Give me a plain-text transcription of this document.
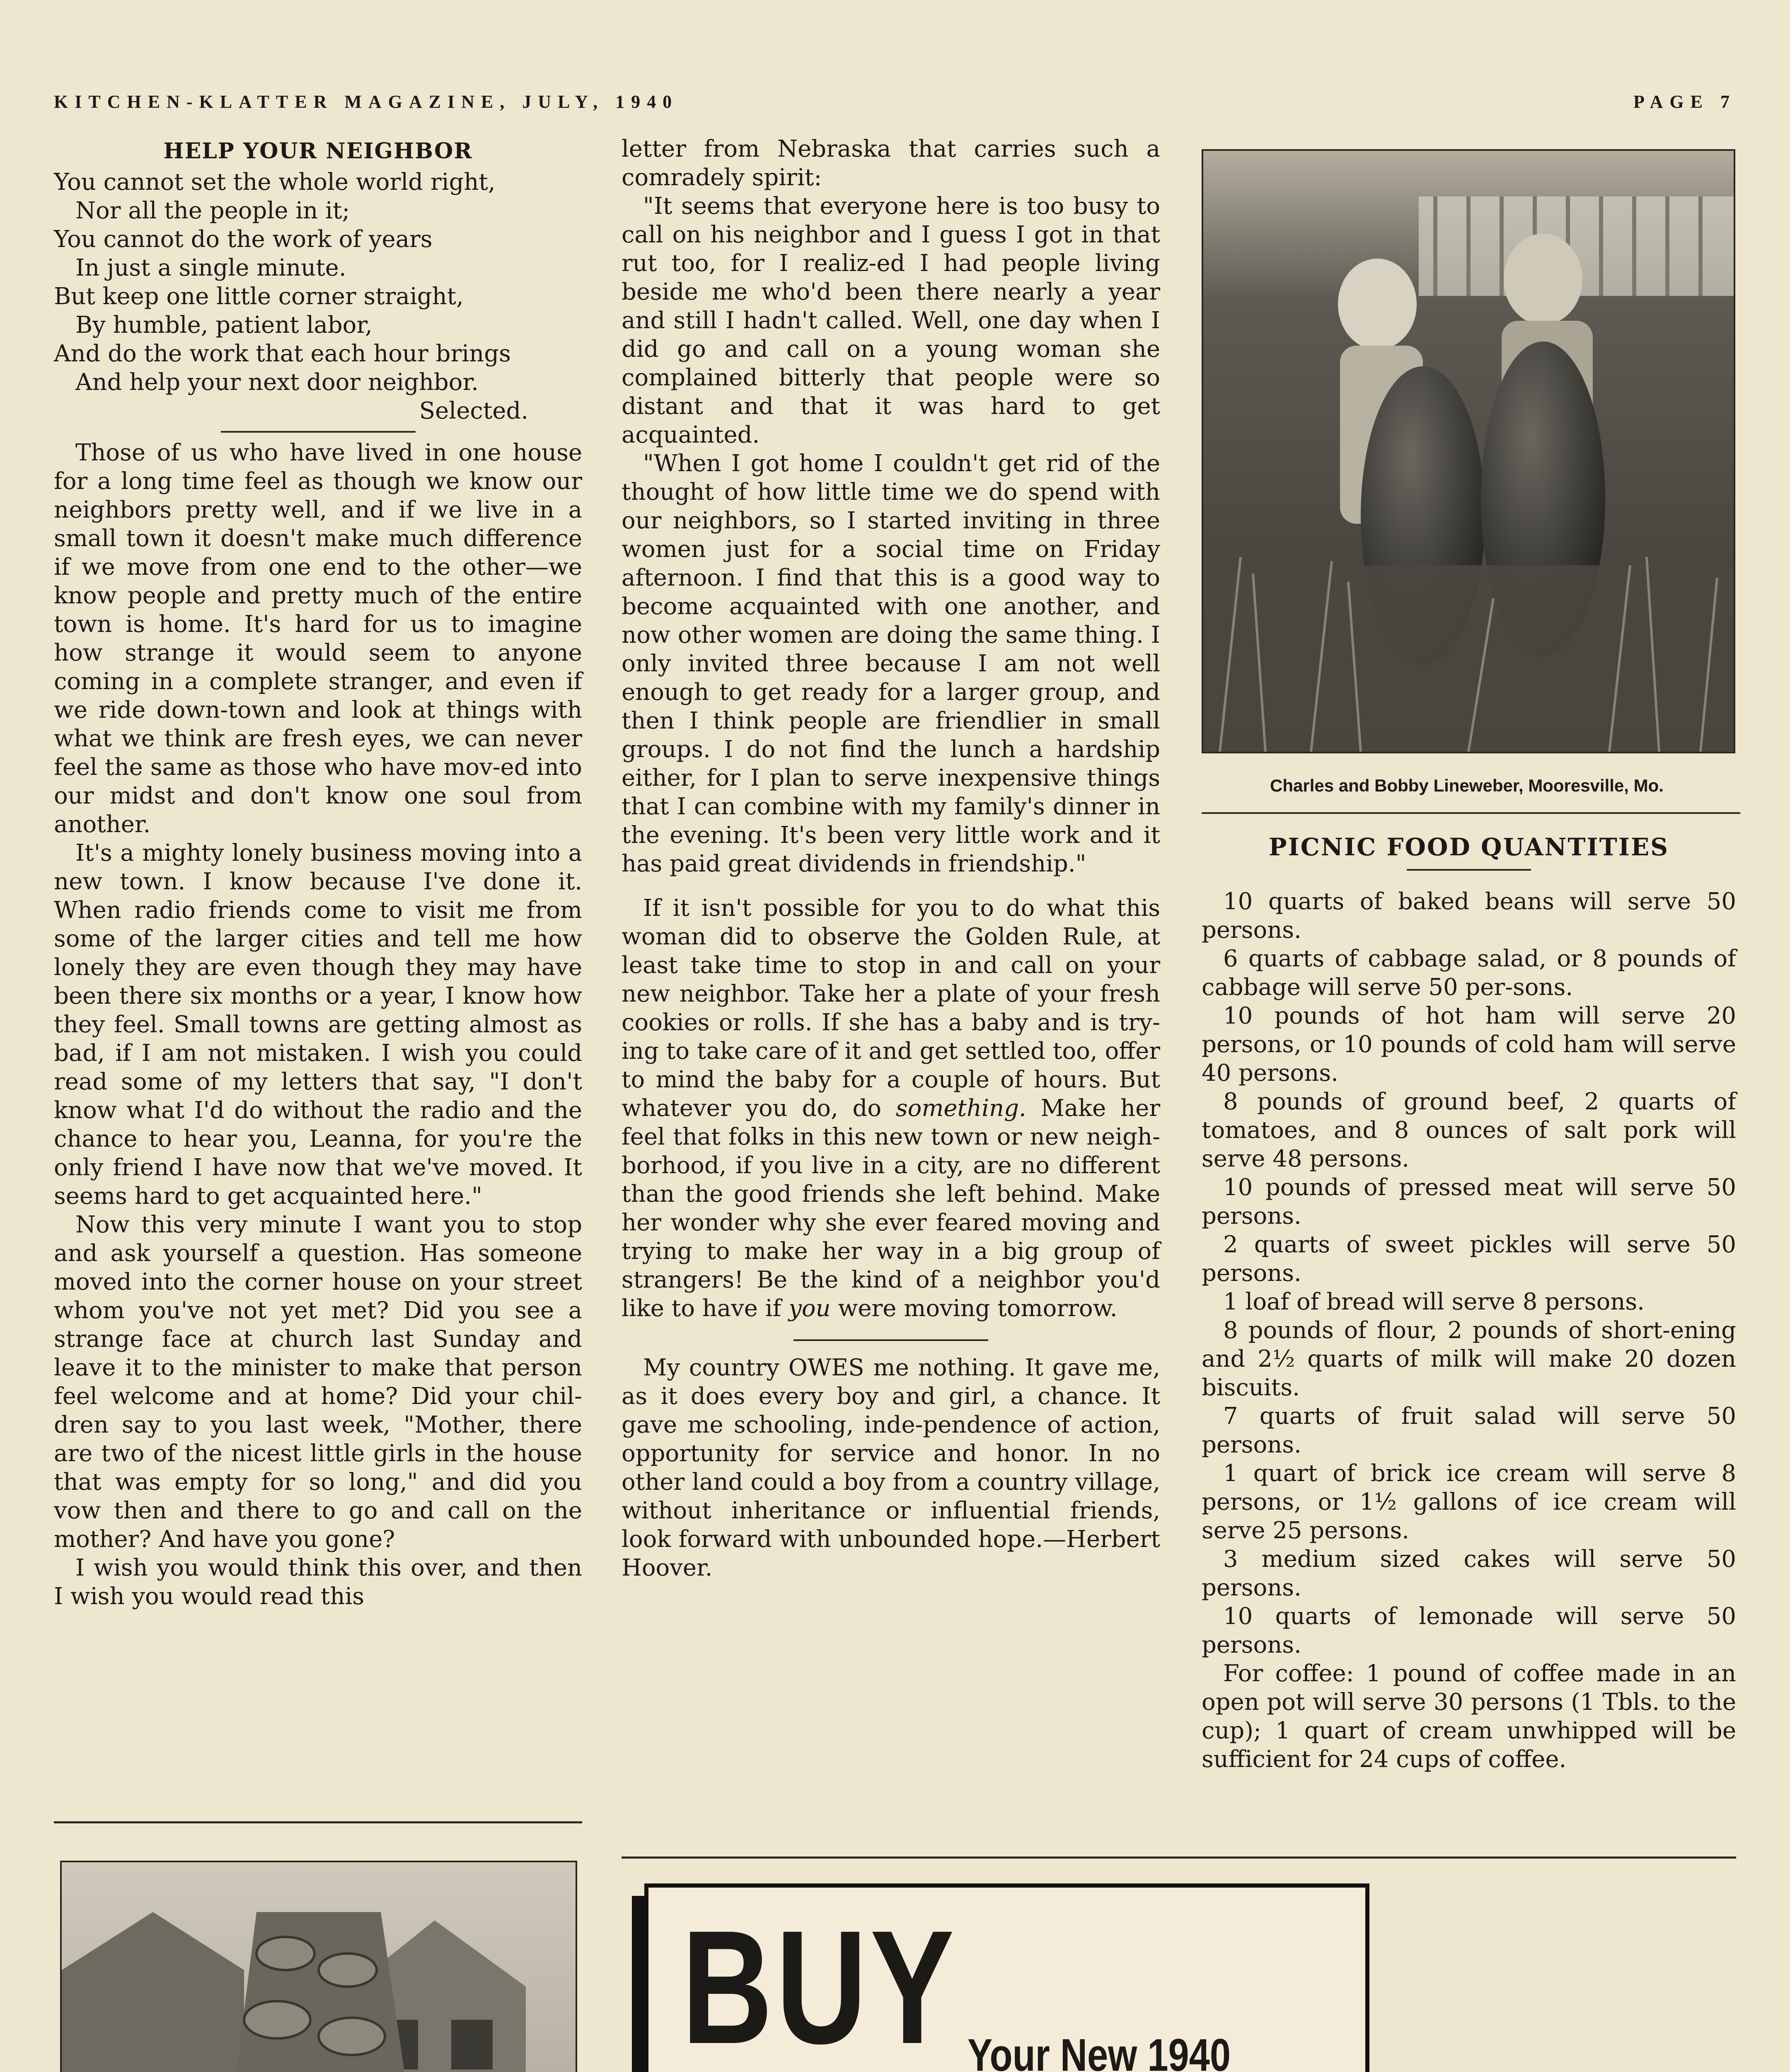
KITCHEN-KLATTER MAGAZINE, JULY, 1940	PAGE 7
HELP YOUR NEIGHBOR
You cannot set the whole world right,
Nor all the people in it;
You cannot do the work of years
In just a single minute.
But keep one little corner straight,
By humble, patient labor,
And do the work that each hour brings
And help your next door neighbor.
Selected.

Those of us who have lived in one house for a long time feel as though we know our neighbors pretty well, and if we live in a small town it doesn't make much difference if we move from one end to the other—we know people and pretty much of the entire town is home. It's hard for us to imagine how strange it would seem to anyone coming in a complete stranger, and even if we ride down-town and look at things with what we think are fresh eyes, we can never feel the same as those who have mov-ed into our midst and don't know one soul from another.

It's a mighty lonely business moving into a new town. I know because I've done it. When radio friends come to visit me from some of the larger cities and tell me how lonely they are even though they may have been there six months or a year, I know how they feel. Small towns are getting almost as bad, if I am not mistaken. I wish you could read some of my letters that say, "I don't know what I'd do without the radio and the chance to hear you, Leanna, for you're the only friend I have now that we've moved. It seems hard to get acquainted here."

Now this very minute I want you to stop and ask yourself a question. Has someone moved into the corner house on your street whom you've not yet met? Did you see a strange face at church last Sunday and leave it to the minister to make that person feel welcome and at home? Did your chil-dren say to you last week, "Mother, there are two of the nicest little girls in the house that was empty for so long," and did you vow then and there to go and call on the mother? And have you gone?

I wish you would think this over, and then I wish you would read this

letter from Nebraska that carries such a comradely spirit:

"It seems that everyone here is too busy to call on his neighbor and I guess I got in that rut too, for I realiz-ed I had people living beside me who'd been there nearly a year and still I hadn't called. Well, one day when I did go and call on a young woman she complained bitterly that people were so distant and that it was hard to get acquainted.

"When I got home I couldn't get rid of the thought of how little time we do spend with our neighbors, so I started inviting in three women just for a social time on Friday afternoon. I find that this is a good way to become acquainted with one another, and now other women are doing the same thing. I only invited three because I am not well enough to get ready for a larger group, and then I think people are friendlier in small groups. I do not find the lunch a hardship either, for I plan to serve inexpensive things that I can combine with my family's dinner in the evening. It's been very little work and it has paid great dividends in friendship."

If it isn't possible for you to do what this woman did to observe the Golden Rule, at least take time to stop in and call on your new neighbor. Take her a plate of your fresh cookies or rolls. If she has a baby and is try-ing to take care of it and get settled too, offer to mind the baby for a couple of hours. But whatever you do, do something. Make her feel that folks in this new town or new neigh-borhood, if you live in a city, are no different than the good friends she left behind. Make her wonder why she ever feared moving and trying to make her way in a big group of strangers! Be the kind of a neighbor you'd like to have if you were moving tomorrow.

My country OWES me nothing. It gave me, as it does every boy and girl, a chance. It gave me schooling, inde-pendence of action, opportunity for service and honor. In no other land could a boy from a country village, without inheritance or influential friends, look forward with unbounded hope.—Herbert Hoover.

Charles and Bobby Lineweber, Mooresville, Mo.
PICNIC FOOD QUANTITIES

10 quarts of baked beans will serve 50 persons.

6 quarts of cabbage salad, or 8 pounds of cabbage will serve 50 per-sons.

10 pounds of hot ham will serve 20 persons, or 10 pounds of cold ham will serve 40 persons.

8 pounds of ground beef, 2 quarts of tomatoes, and 8 ounces of salt pork will serve 48 persons.

10 pounds of pressed meat will serve 50 persons.

2 quarts of sweet pickles will serve 50 persons.

1 loaf of bread will serve 8 persons.

8 pounds of flour, 2 pounds of short-ening and 2½ quarts of milk will make 20 dozen biscuits.

7 quarts of fruit salad will serve 50 persons.

1 quart of brick ice cream will serve 8 persons, or 1½ gallons of ice cream will serve 25 persons.

3 medium sized cakes will serve 50 persons.

10 quarts of lemonade will serve 50 persons.

For coffee: 1 pound of coffee made in an open pot will serve 30 persons (1 Tbls. to the cup); 1 quart of cream unwhipped will be sufficient for 24 cups of coffee.

BUY Your New 1940
